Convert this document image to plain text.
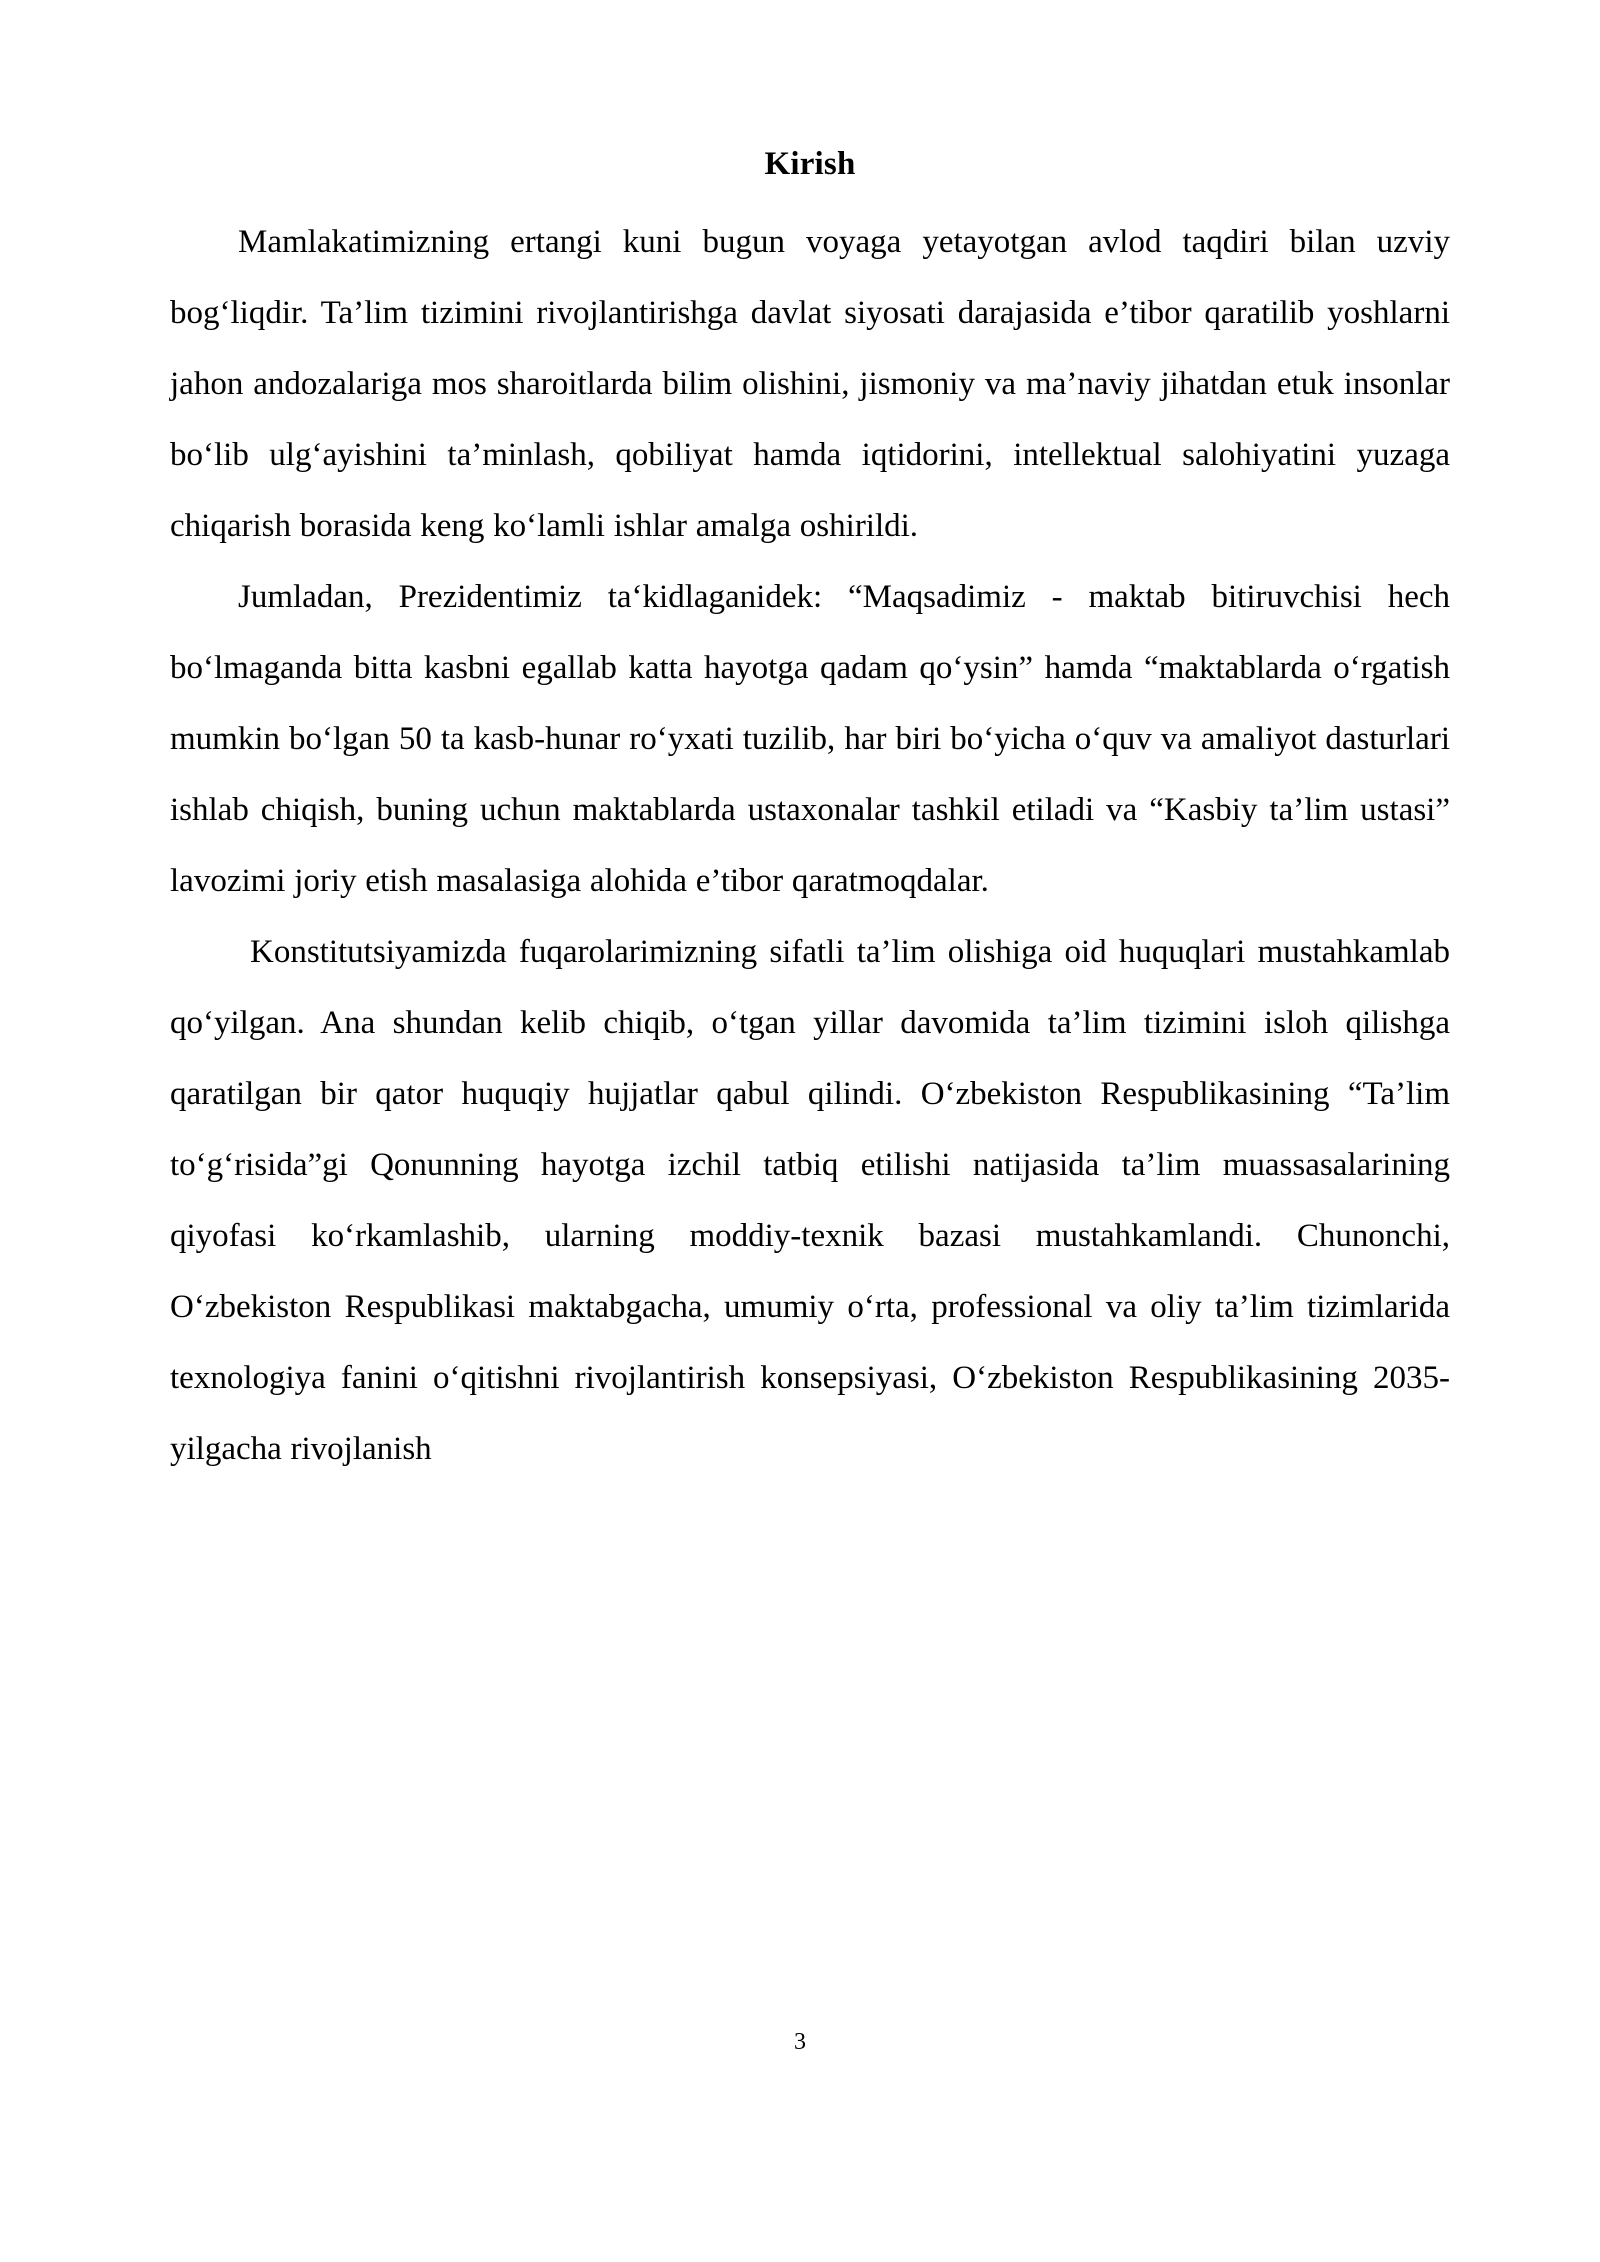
Kirish

Mamlakatimizning ertangi kuni bugun voyaga yetayotgan avlod taqdiri bilan uzviy bog‘liqdir. Ta’lim tizimini rivojlantirishga davlat siyosati darajasida e’tibor qaratilib yoshlarni jahon andozalariga mos sharoitlarda bilim olishini, jismoniy va ma’naviy jihatdan etuk insonlar bo‘lib ulg‘ayishini ta’minlash, qobiliyat hamda iqtidorini, intellektual salohiyatini yuzaga chiqarish borasida keng ko‘lamli ishlar amalga oshirildi.

Jumladan, Prezidentimiz ta‘kidlaganidek: “Maqsadimiz - maktab bitiruvchisi hech bo‘lmaganda bitta kasbni egallab katta hayotga qadam qo‘ysin” hamda “maktablarda o‘rgatish mumkin bo‘lgan 50 ta kasb-hunar ro‘yxati tuzilib, har biri bo‘yicha o‘quv va amaliyot dasturlari ishlab chiqish, buning uchun maktablarda ustaxonalar tashkil etiladi va “Kasbiy ta’lim ustasi” lavozimi joriy etish masalasiga alohida e’tibor qaratmoqdalar.

Konstitutsiyamizda fuqarolarimizning sifatli ta’lim olishiga oid huquqlari mustahkamlab qo‘yilgan. Ana shundan kelib chiqib, o‘tgan yillar davomida ta’lim tizimini isloh qilishga qaratilgan bir qator huquqiy hujjatlar qabul qilindi. O‘zbekiston Respublikasining “Ta’lim to‘g‘risida”gi Qonunning hayotga izchil tatbiq etilishi natijasida ta’lim muassasalarining qiyofasi ko‘rkamlashib, ularning moddiy-texnik bazasi mustahkamlandi. Chunonchi, O‘zbekiston Respublikasi maktabgacha, umumiy o‘rta, professional va oliy ta’lim tizimlarida texnologiya fanini o‘qitishni rivojlantirish konsepsiyasi, O‘zbekiston Respublikasining 2035-yilgacha rivojlanish

3
